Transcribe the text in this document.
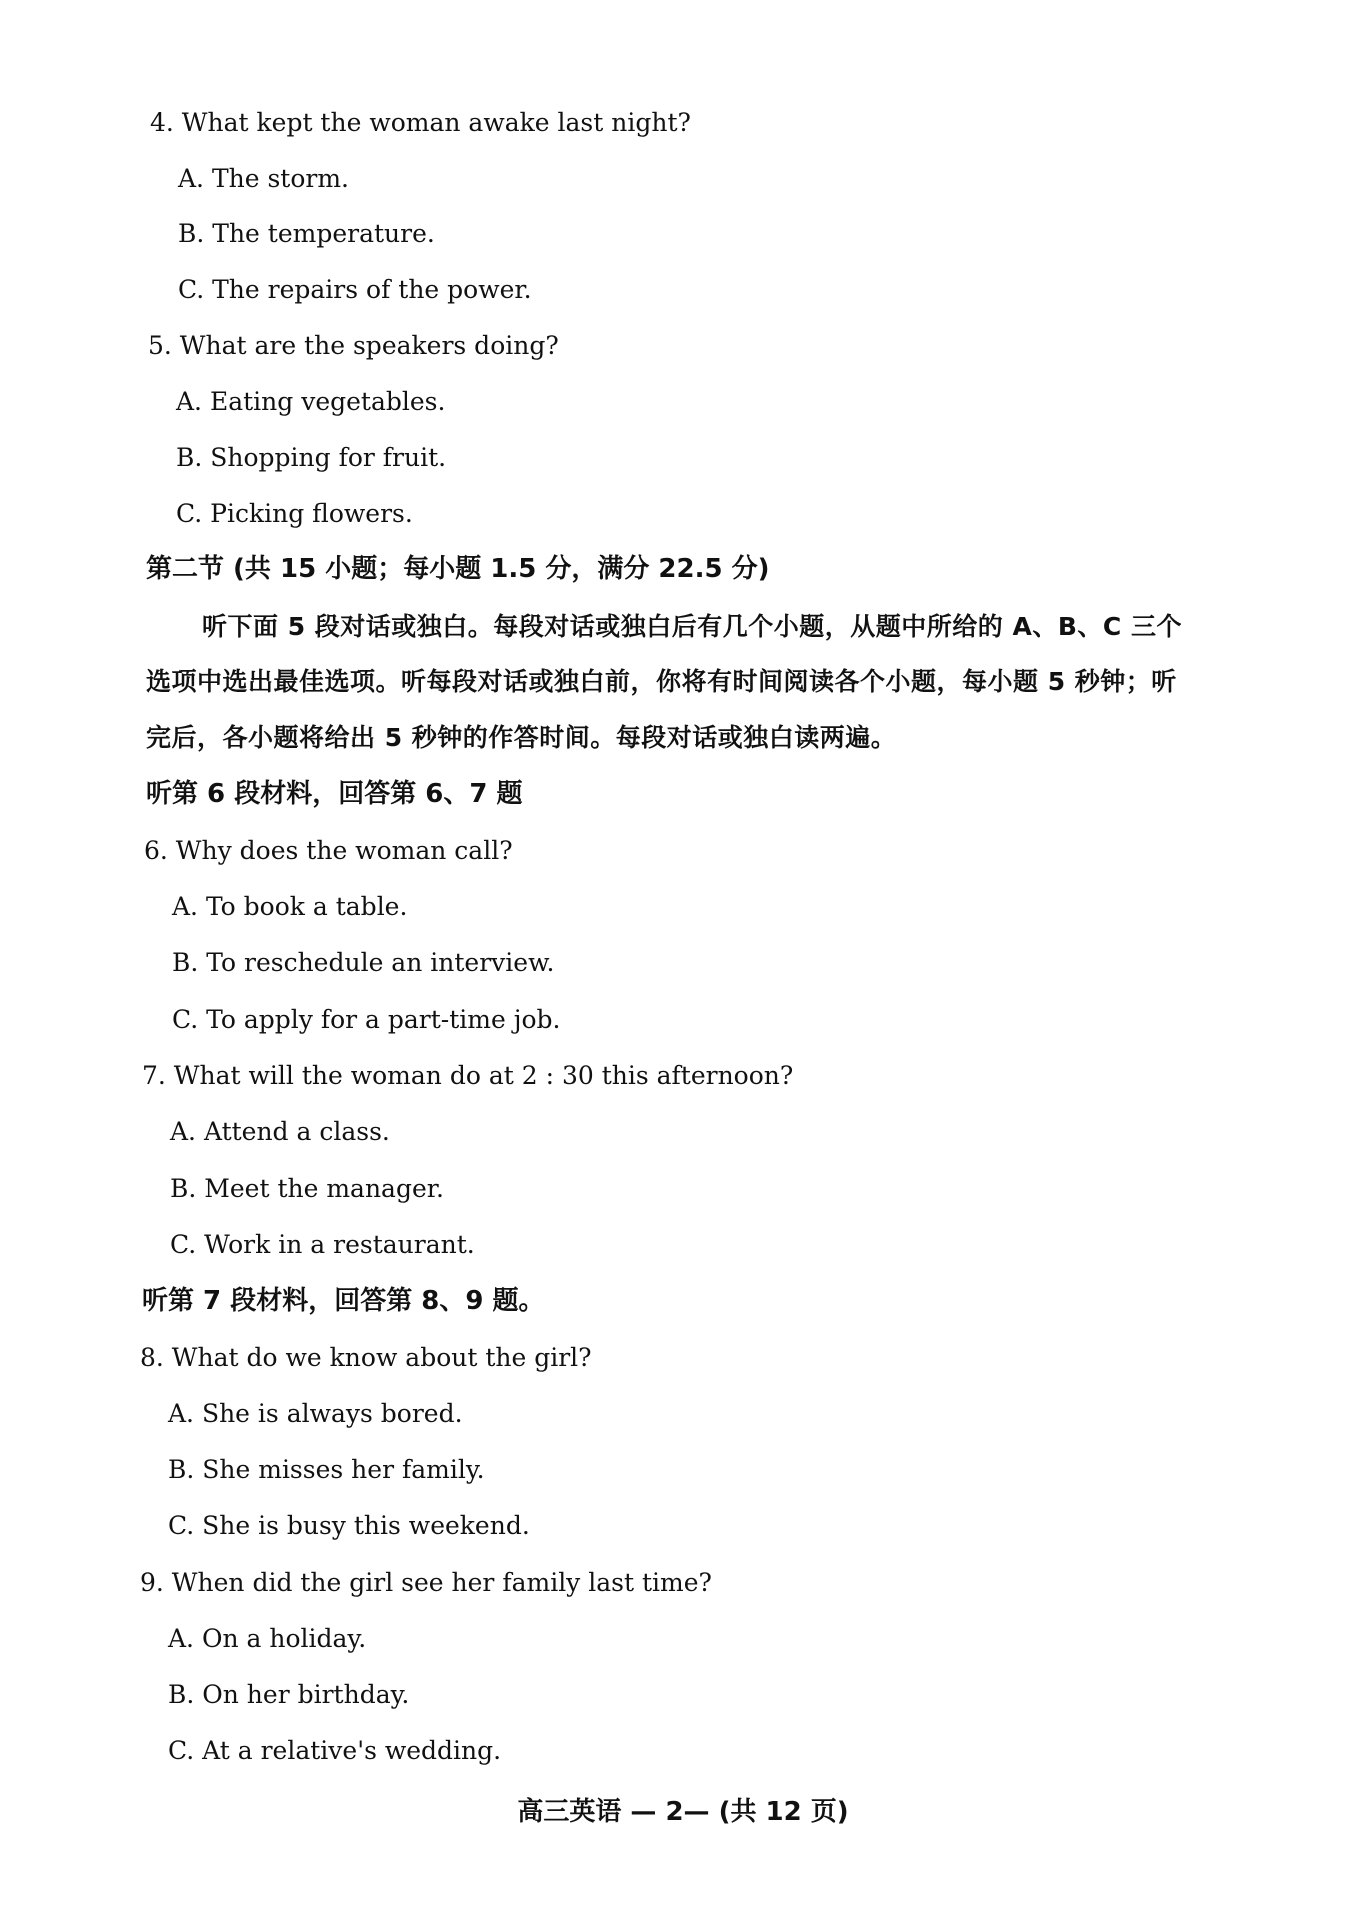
4. What kept the woman awake last night?
A. The storm.
B. The temperature.
C. The repairs of the power.
5. What are the speakers doing?
A. Eating vegetables.
B. Shopping for fruit.
C. Picking flowers.
第二节 (共 15 小题；每小题 1.5 分，满分 22.5 分)
听下面 5 段对话或独白。每段对话或独白后有几个小题，从题中所给的 A、B、C 三个
选项中选出最佳选项。听每段对话或独白前，你将有时间阅读各个小题，每小题 5 秒钟；听
完后，各小题将给出 5 秒钟的作答时间。每段对话或独白读两遍。
听第 6 段材料，回答第 6、7 题
6. Why does the woman call?
A. To book a table.
B. To reschedule an interview.
C. To apply for a part-time job.
7. What will the woman do at 2 : 30 this afternoon?
A. Attend a class.
B. Meet the manager.
C. Work in a restaurant.
听第 7 段材料，回答第 8、9 题。
8. What do we know about the girl?
A. She is always bored.
B. She misses her family.
C. She is busy this weekend.
9. When did the girl see her family last time?
A. On a holiday.
B. On her birthday.
C. At a relative's wedding.
高三英语 — 2— (共 12 页)
